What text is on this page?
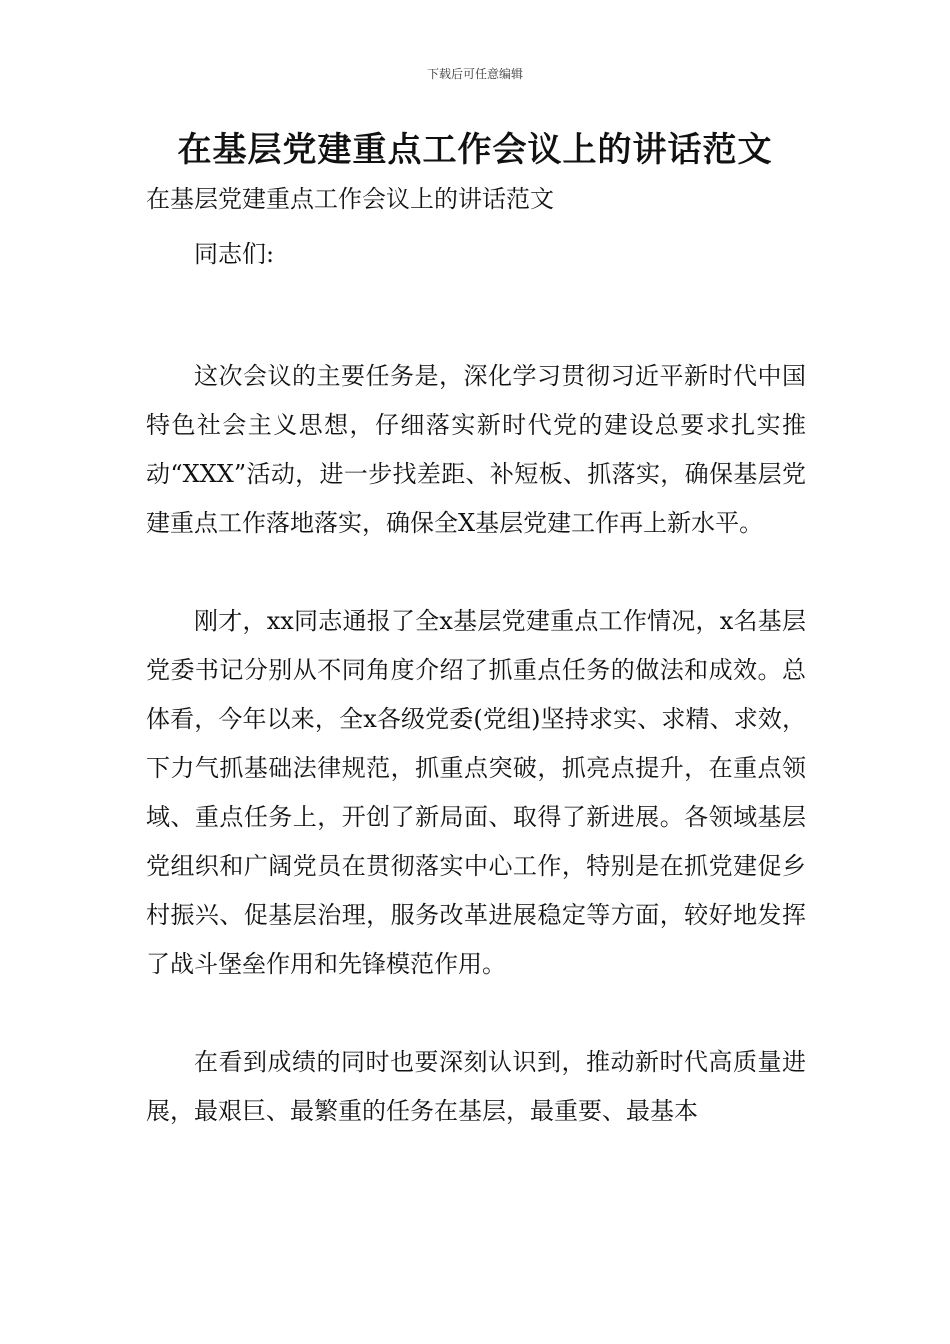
下载后可任意编辑
在基层党建重点工作会议上的讲话范文
在基层党建重点工作会议上的讲话范文

同志们:

这次会议的主要任务是，深化学习贯彻习近平新时代中国特色社会主义思想，仔细落实新时代党的建设总要求扎实推动“XXX”活动，进一步找差距、补短板、抓落实，确保基层党建重点工作落地落实，确保全X基层党建工作再上新水平。

刚才，xx同志通报了全x基层党建重点工作情况，x名基层党委书记分别从不同角度介绍了抓重点任务的做法和成效。总体看，今年以来，全x各级党委(党组)坚持求实、求精、求效，下力气抓基础法律规范，抓重点突破，抓亮点提升，在重点领域、重点任务上，开创了新局面、取得了新进展。各领域基层党组织和广阔党员在贯彻落实中心工作，特别是在抓党建促乡村振兴、促基层治理，服务改革进展稳定等方面，较好地发挥了战斗堡垒作用和先锋模范作用。

在看到成绩的同时也要深刻认识到，推动新时代高质量进展，最艰巨、最繁重的任务在基层，最重要、最基本
